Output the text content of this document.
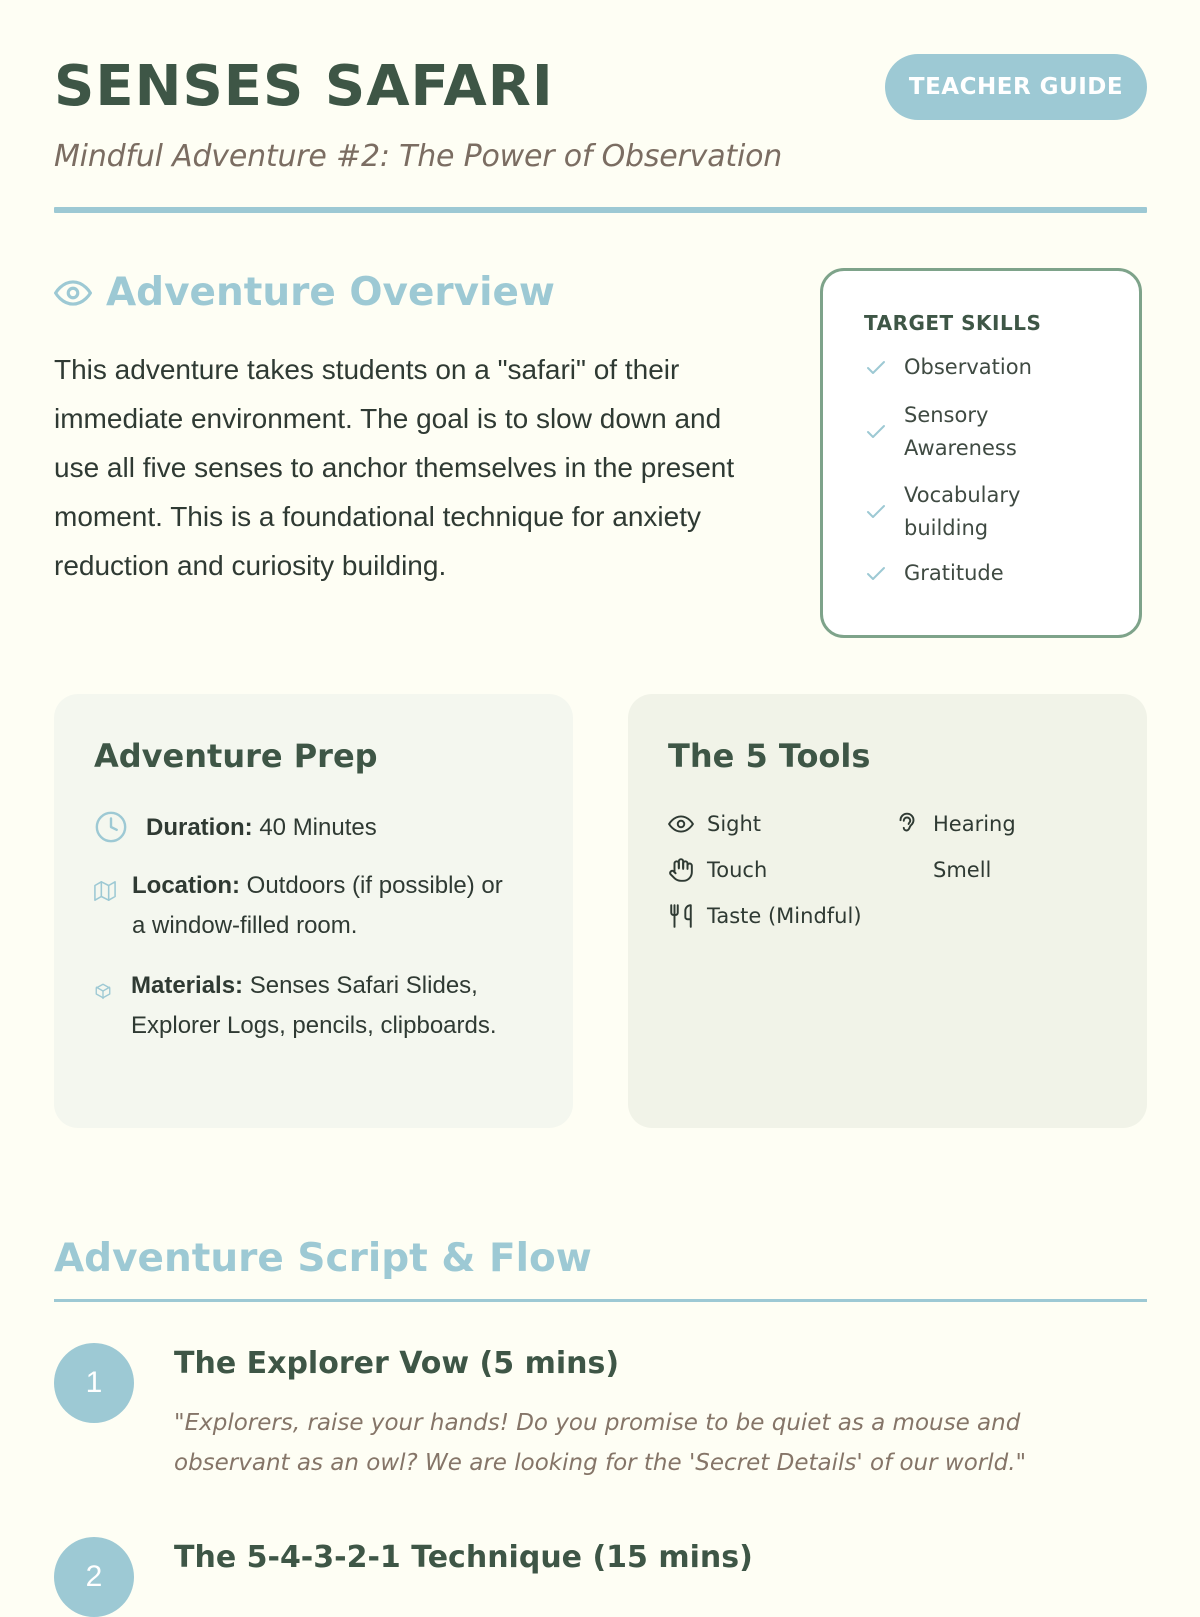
SENSES SAFARI	TEACHER GUIDE

Mindful Adventure #2: The Power of Observation

Adventure Overview

This adventure takes students on a "safari" of their immediate environment. The goal is to slow down and use all five senses to anchor themselves in the present moment. This is a foundational technique for anxiety reduction and curiosity building.

TARGET SKILLS

Observation
Sensory Awareness
Vocabulary building
Gratitude
Adventure Prep
Duration: 40 Minutes
Location: Outdoors (if possible) or a window-filled room.
Materials: Senses Safari Slides, Explorer Logs, pencils, clipboards.
The 5 Tools
Sight	Hearing
Touch	Smell
Taste (Mindful)
Adventure Script & Flow
1
The Explorer Vow (5 mins)

"Explorers, raise your hands! Do you promise to be quiet as a mouse and observant as an owl? We are looking for the 'Secret Details' of our world."

2
The 5-4-3-2-1 Technique (15 mins)
